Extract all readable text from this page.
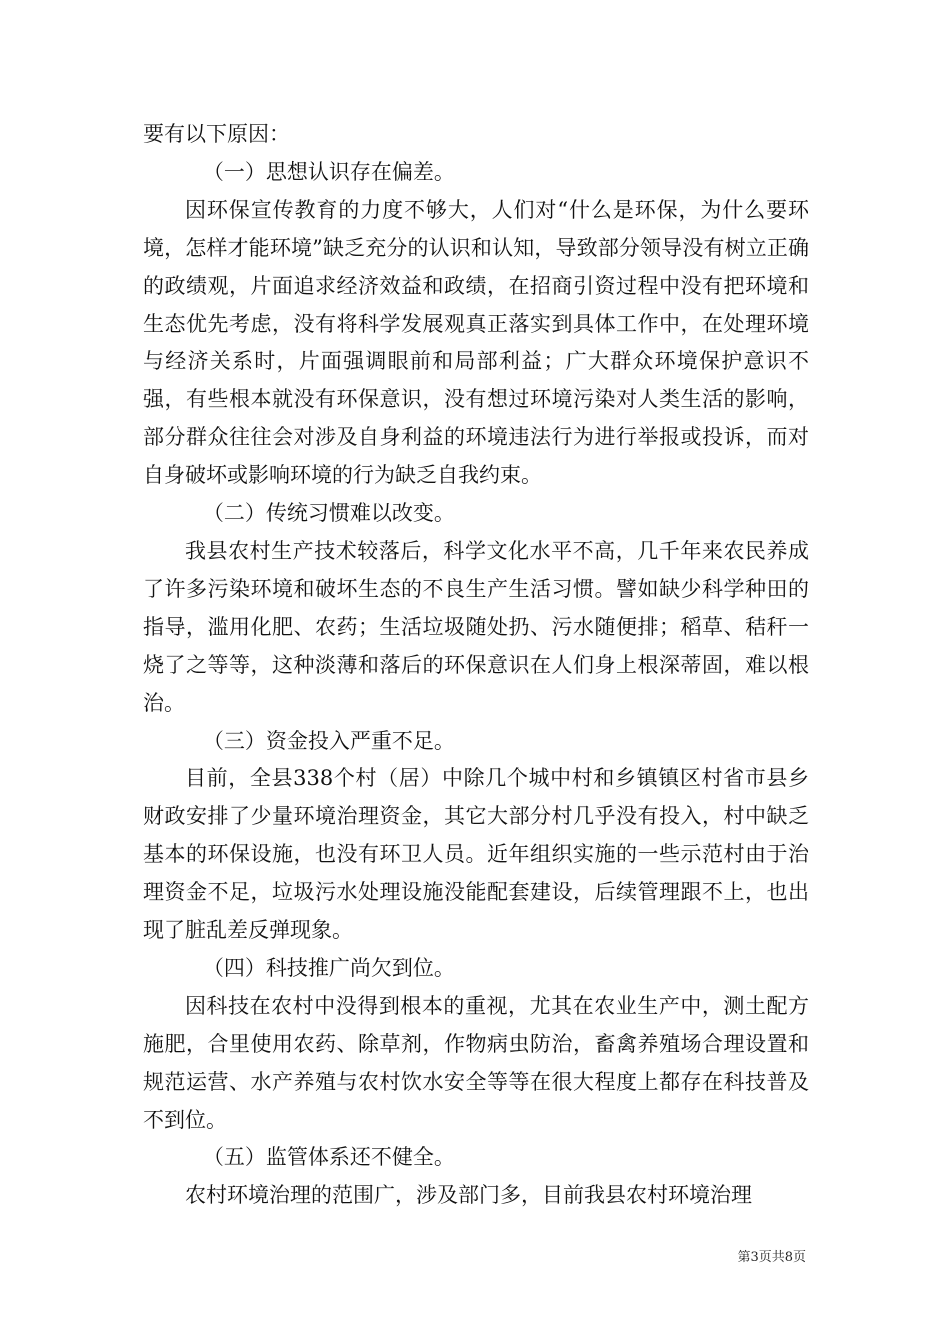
要有以下原因：

（一）思想认识存在偏差。

因环保宣传教育的力度不够大，人们对“什么是环保，为什么要环境，怎样才能环境”缺乏充分的认识和认知，导致部分领导没有树立正确的政绩观，片面追求经济效益和政绩，在招商引资过程中没有把环境和生态优先考虑，没有将科学发展观真正落实到具体工作中，在处理环境与经济关系时，片面强调眼前和局部利益；广大群众环境保护意识不强，有些根本就没有环保意识，没有想过环境污染对人类生活的影响，部分群众往往会对涉及自身利益的环境违法行为进行举报或投诉，而对自身破坏或影响环境的行为缺乏自我约束。

（二）传统习惯难以改变。

我县农村生产技术较落后，科学文化水平不高，几千年来农民养成了许多污染环境和破坏生态的不良生产生活习惯。譬如缺少科学种田的指导，滥用化肥、农药；生活垃圾随处扔、污水随便排；稻草、秸秆一烧了之等等，这种淡薄和落后的环保意识在人们身上根深蒂固，难以根治。

（三）资金投入严重不足。

目前，全县338个村（居）中除几个城中村和乡镇镇区村省市县乡财政安排了少量环境治理资金，其它大部分村几乎没有投入，村中缺乏基本的环保设施，也没有环卫人员。近年组织实施的一些示范村由于治理资金不足，垃圾污水处理设施没能配套建设，后续管理跟不上，也出现了脏乱差反弹现象。

（四）科技推广尚欠到位。

因科技在农村中没得到根本的重视，尤其在农业生产中，测土配方施肥，合里使用农药、除草剂，作物病虫防治，畜禽养殖场合理设置和规范运营、水产养殖与农村饮水安全等等在很大程度上都存在科技普及不到位。

（五）监管体系还不健全。

农村环境治理的范围广，涉及部门多，目前我县农村环境治理

第3页共8页
